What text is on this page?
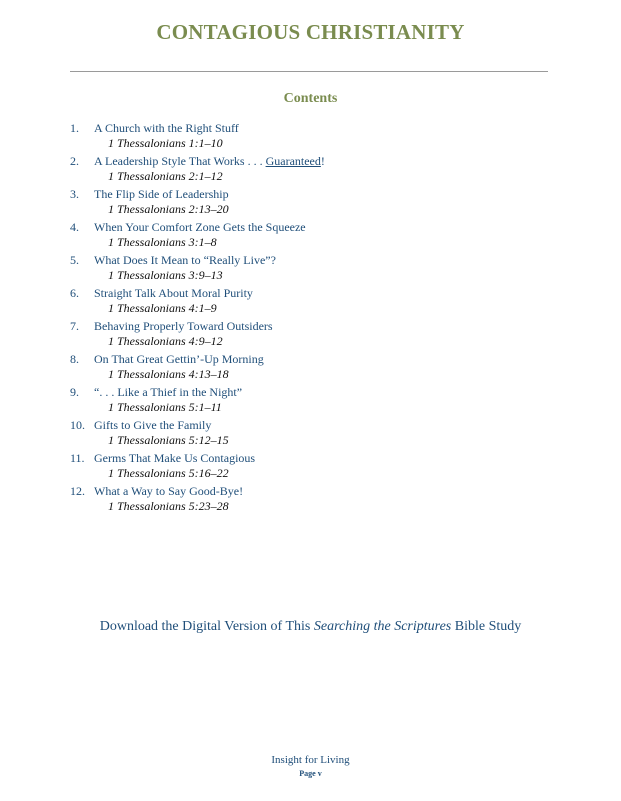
CONTAGIOUS CHRISTIANITY
Contents
1. A Church with the Right Stuff
1 Thessalonians 1:1–10
2. A Leadership Style That Works . . . Guaranteed!
1 Thessalonians 2:1–12
3. The Flip Side of Leadership
1 Thessalonians 2:13–20
4. When Your Comfort Zone Gets the Squeeze
1 Thessalonians 3:1–8
5. What Does It Mean to “Really Live”?
1 Thessalonians 3:9–13
6. Straight Talk About Moral Purity
1 Thessalonians 4:1–9
7. Behaving Properly Toward Outsiders
1 Thessalonians 4:9–12
8. On That Great Gettin’-Up Morning
1 Thessalonians 4:13–18
9. “. . . Like a Thief in the Night”
1 Thessalonians 5:1–11
10. Gifts to Give the Family
1 Thessalonians 5:12–15
11. Germs That Make Us Contagious
1 Thessalonians 5:16–22
12. What a Way to Say Good-Bye!
1 Thessalonians 5:23–28
Download the Digital Version of This Searching the Scriptures Bible Study
Insight for Living
Page v
